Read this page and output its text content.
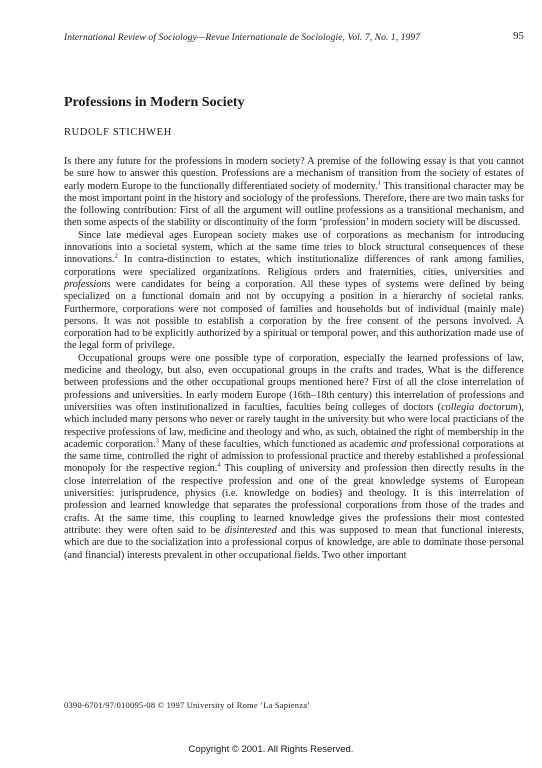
International Review of Sociology—Revue Internationale de Sociologie, Vol. 7, No. 1, 1997	95
Professions in Modern Society
RUDOLF STICHWEH

Is there any future for the professions in modern society? A premise of the following essay is that you cannot be sure how to answer this question. Professions are a mechanism of transition from the society of estates of early modern Europe to the functionally differentiated society of modernity.$^1$ This transitional character may be the most important point in the history and sociology of the professions. Therefore, there are two main tasks for the following contribution: First of all the argument will outline professions as a transitional mechanism, and then some aspects of the stability or discontinuity of the form ‘profession’ in modern society will be discussed.

Since late medieval ages European society makes use of corporations as mechanism for introducing innovations into a societal system, which at the same time tries to block structural consequences of these innovations.$^2$ In contra-distinction to estates, which institutionalize differences of rank among families, corporations were specialized organizations. Religious orders and fraternities, cities, universities and professions were candidates for being a corporation. All these types of systems were defined by being specialized on a functional domain and not by occupying a position in a hierarchy of societal ranks. Furthermore, corporations were not composed of families and households but of individual (mainly male) persons. It was not possible to establish a corporation by the free consent of the persons involved. A corporation had to be explicitly authorized by a spiritual or temporal power, and this authorization made use of the legal form of privilege.

Occupational groups were one possible type of corporation, especially the learned professions of law, medicine and theology, but also, even occupational groups in the crafts and trades. What is the difference between professions and the other occupational groups mentioned here? First of all the close interrelation of professions and universities. In early modern Europe (16th–18th century) this interrelation of professions and universities was often institutionalized in faculties, faculties being colleges of doctors (collegia doctorum), which included many persons who never or rarely taught in the university but who were local practicians of the respective professions of law, medicine and theology and who, as such, obtained the right of membership in the academic corporation.$^3$ Many of these faculties, which functioned as academic and professional corporations at the same time, controlled the right of admission to professional practice and thereby established a professional monopoly for the respective region.$^4$ This coupling of university and profession then directly results in the close interrelation of the respective profession and one of the great knowledge systems of European universities: jurisprudence, physics (i.e. knowledge on bodies) and theology. It is this interrelation of profession and learned knowledge that separates the professional corporations from those of the trades and crafts. At the same time, this coupling to learned knowledge gives the professions their most contested attribute: they were often said to be disinterested and this was supposed to mean that functional interests, which are due to the socialization into a professional corpus of knowledge, are able to dominate those personal (and financial) interests prevalent in other occupational fields. Two other important

0390-6701/97/010095-08 © 1997 University of Rome ‘La Sapienza’
Copyright © 2001. All Rights Reserved.
